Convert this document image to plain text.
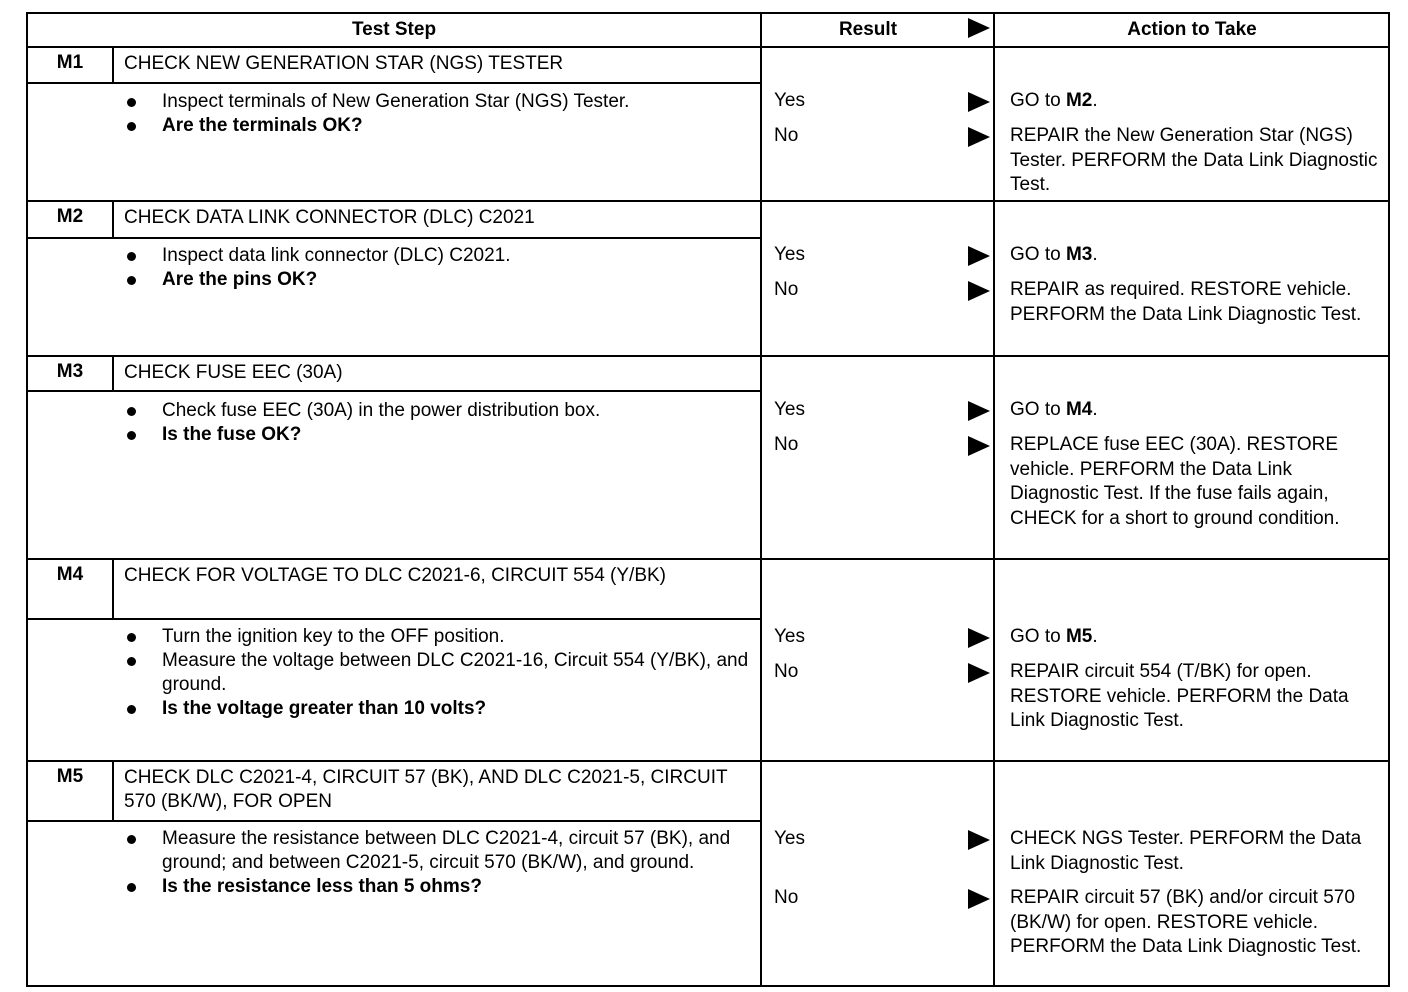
Test Step	Result	Action to Take
M1	CHECK NEW GENERATION STAR (NGS) TESTER
Inspect terminals of New Generation Star (NGS) Tester.
Are the terminals OK?
Yes	GO to M2.
No	REPAIR the New Generation Star (NGS) Tester. PERFORM the Data Link Diagnostic Test.
M2	CHECK DATA LINK CONNECTOR (DLC) C2021
Inspect data link connector (DLC) C2021.
Are the pins OK?
Yes	GO to M3.
No	REPAIR as required. RESTORE vehicle. PERFORM the Data Link Diagnostic Test.
M3	CHECK FUSE EEC (30A)
Check fuse EEC (30A) in the power distribution box.
Is the fuse OK?
Yes	GO to M4.
No	REPLACE fuse EEC (30A). RESTORE vehicle. PERFORM the Data Link Diagnostic Test. If the fuse fails again, CHECK for a short to ground condition.
M4	CHECK FOR VOLTAGE TO DLC C2021-6, CIRCUIT 554 (Y/BK)
Turn the ignition key to the OFF position.
Measure the voltage between DLC C2021-16, Circuit 554 (Y/BK), and ground.
Is the voltage greater than 10 volts?
Yes	GO to M5.
No	REPAIR circuit 554 (T/BK) for open. RESTORE vehicle. PERFORM the Data Link Diagnostic Test.
M5	CHECK DLC C2021-4, CIRCUIT 57 (BK), AND DLC C2021-5, CIRCUIT 570 (BK/W), FOR OPEN
Measure the resistance between DLC C2021-4, circuit 57 (BK), and ground; and between C2021-5, circuit 570 (BK/W), and ground.
Is the resistance less than 5 ohms?
Yes	CHECK NGS Tester. PERFORM the Data Link Diagnostic Test.
No	REPAIR circuit 57 (BK) and/or circuit 570 (BK/W) for open. RESTORE vehicle. PERFORM the Data Link Diagnostic Test.
